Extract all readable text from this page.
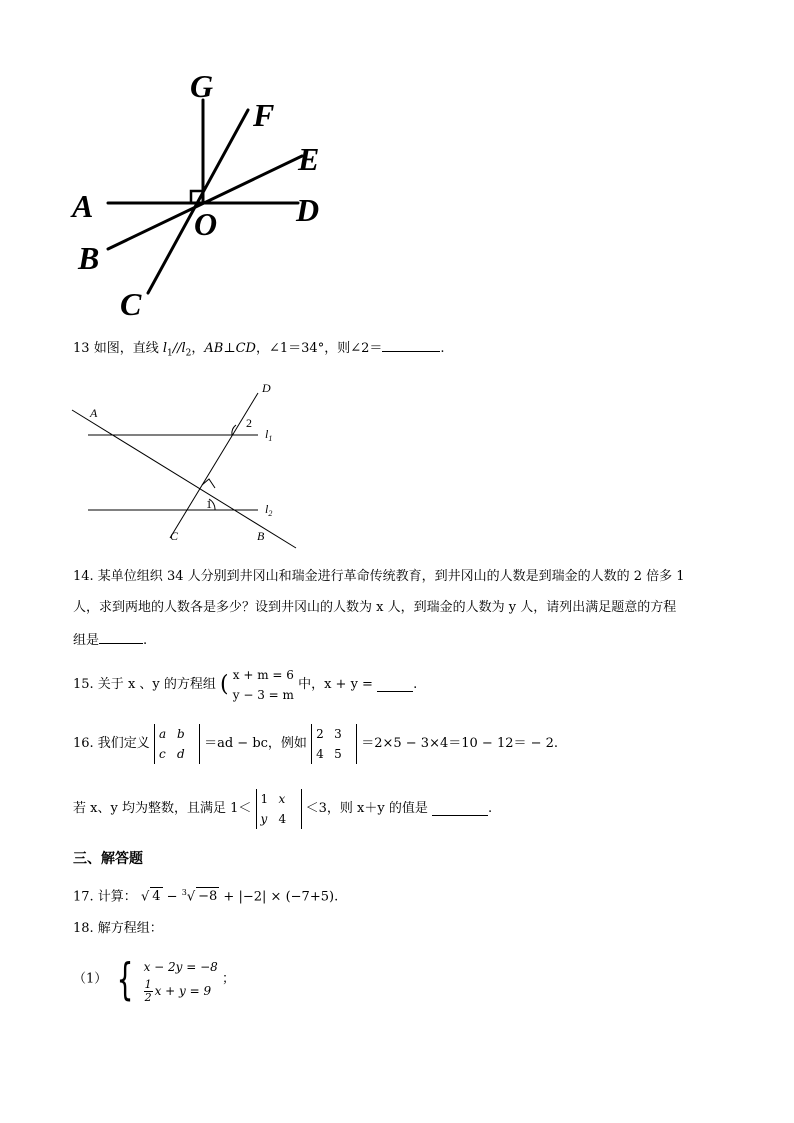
G
F
E
A	O D
B
C
13 如图，直线 $l_1//l_2$，AB⊥CD，∠1＝34°，则∠2＝	.
D
A
2
$l_1$
1	$l_2$
C	B
14. 某单位组织 34 人分别到井冈山和瑞金进行革命传统教育，到井冈山的人数是到瑞金的人数的 2 倍多 1
人，求到两地的人数各是多少？设到井冈山的人数为 x 人，到瑞金的人数为 y 人，请列出满足题意的方程
组是	.
15. 关于 x 、y 的方程组 ( x + m = 6
y − 3 = m
中，x + y =	.
16. 我们定义
a b
c d
＝ad − bc，例如
2 3
4 5
＝2×5 − 3×4＝10 − 12＝ − 2.
若 x、y 均为整数，且满足 1＜
1 x
y 4
＜3，则 x＋y 的值是	.
三、解答题
17. 计算： √ 4 − $^3$√ −8 + |−2| × (−7+5).
18. 解方程组：
（1） { x − 2y = −8
$\frac{1}{2}$ x + y = 9
；
